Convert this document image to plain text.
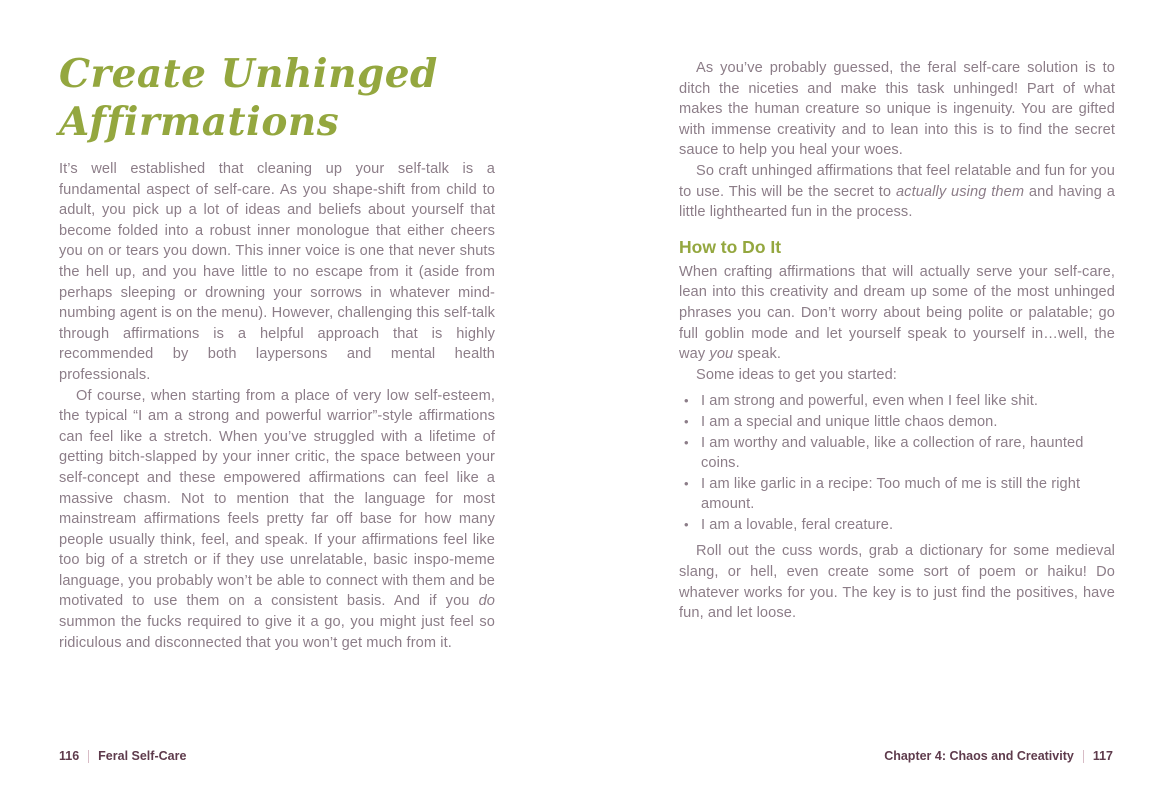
Create Unhinged
Affirmations

It’s well established that cleaning up your self-talk is a fundamental aspect of self-care. As you shape-shift from child to adult, you pick up a lot of ideas and beliefs about yourself that become folded into a robust inner monologue that either cheers you on or tears you down. This inner voice is one that never shuts the hell up, and you have little to no escape from it (aside from perhaps sleeping or drowning your sorrows in whatever mind-numbing agent is on the menu). However, challenging this self-talk through affirmations is a helpful approach that is highly recommended by both laypersons and mental health professionals.

Of course, when starting from a place of very low self-esteem, the typical “I am a strong and powerful warrior”-style affirmations can feel like a stretch. When you’ve struggled with a lifetime of getting bitch-slapped by your inner critic, the space between your self-concept and these empowered affirmations can feel like a massive chasm. Not to mention that the language for most mainstream affirmations feels pretty far off base for how many people usually think, feel, and speak. If your affirmations feel like too big of a stretch or if they use unrelatable, basic inspo-meme language, you probably won’t be able to connect with them and be motivated to use them on a consistent basis. And if you do summon the fucks required to give it a go, you might just feel so ridiculous and disconnected that you won’t get much from it.

As you’ve probably guessed, the feral self-care solution is to ditch the niceties and make this task unhinged! Part of what makes the human creature so unique is ingenuity. You are gifted with immense creativity and to lean into this is to find the secret sauce to help you heal your woes.

So craft unhinged affirmations that feel relatable and fun for you to use. This will be the secret to actually using them and having a little lighthearted fun in the process.

How to Do It

When crafting affirmations that will actually serve your self-care, lean into this creativity and dream up some of the most unhinged phrases you can. Don’t worry about being polite or palatable; go full goblin mode and let yourself speak to yourself in…well, the way you speak.

Some ideas to get you started:

• I am strong and powerful, even when I feel like shit.
• I am a special and unique little chaos demon.
• I am worthy and valuable, like a collection of rare, haunted coins.
• I am like garlic in a recipe: Too much of me is still the right amount.
• I am a lovable, feral creature.

Roll out the cuss words, grab a dictionary for some medieval slang, or hell, even create some sort of poem or haiku! Do whatever works for you. The key is to just find the positives, have fun, and let loose.

116 Feral Self-Care	Chapter 4: Chaos and Creativity 117
